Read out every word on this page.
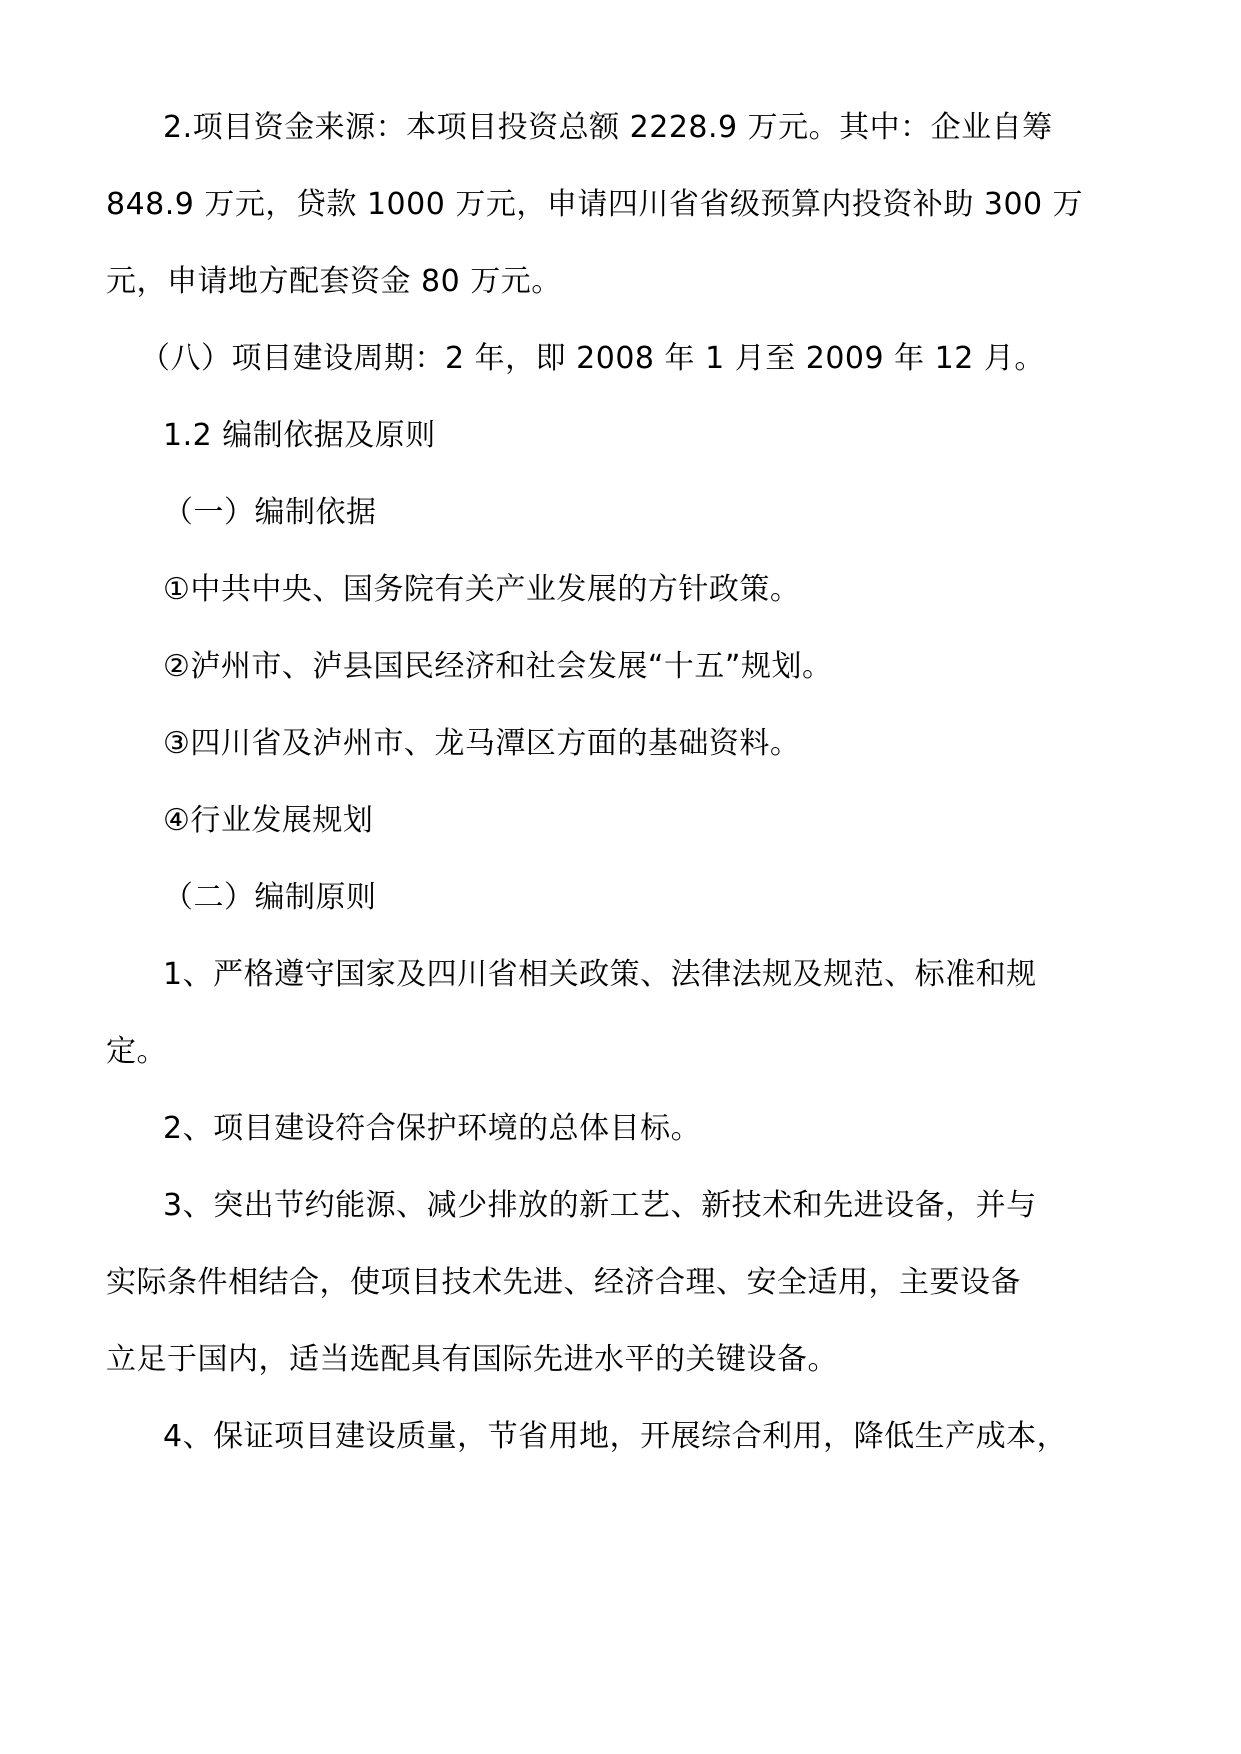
2.项目资金来源：本项目投资总额 2228.9 万元。其中：企业自筹
848.9 万元，贷款 1000 万元，申请四川省省级预算内投资补助 300 万
元，申请地方配套资金 80 万元。
（八）项目建设周期：2 年，即 2008 年 1 月至 2009 年 12 月。
1.2 编制依据及原则
（一）编制依据
①中共中央、国务院有关产业发展的方针政策。
②泸州市、泸县国民经济和社会发展“十五”规划。
③四川省及泸州市、龙马潭区方面的基础资料。
④行业发展规划
（二）编制原则
1、严格遵守国家及四川省相关政策、法律法规及规范、标准和规
定。
2、项目建设符合保护环境的总体目标。
3、突出节约能源、减少排放的新工艺、新技术和先进设备，并与
实际条件相结合，使项目技术先进、经济合理、安全适用，主要设备
立足于国内，适当选配具有国际先进水平的关键设备。
4、保证项目建设质量，节省用地，开展综合利用，降低生产成本，
